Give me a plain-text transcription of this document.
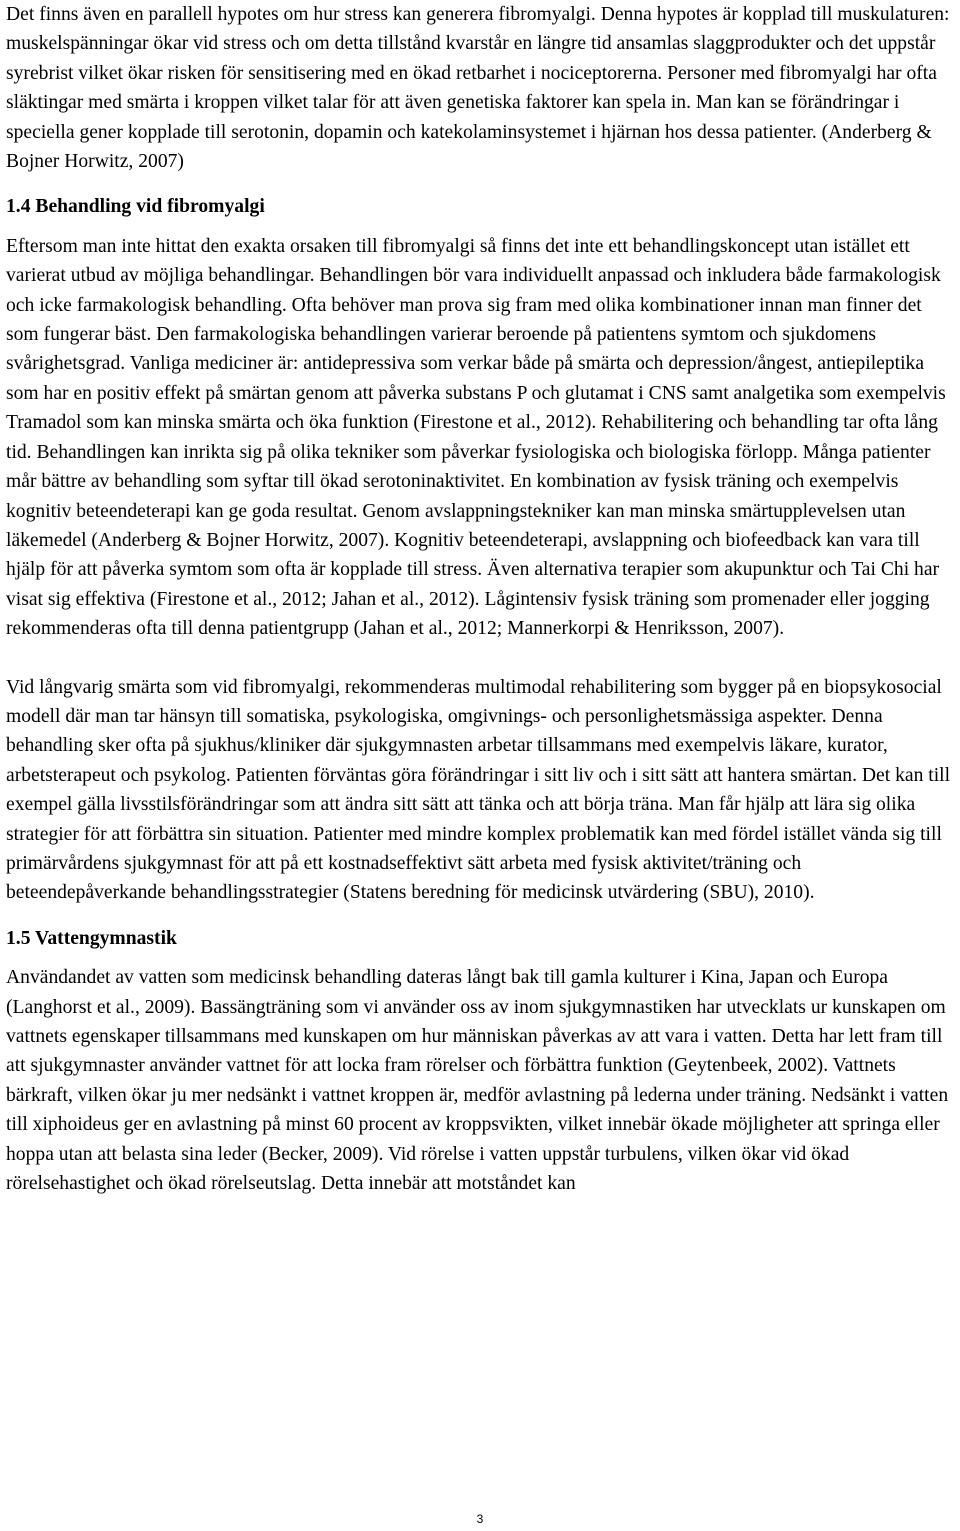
Det finns även en parallell hypotes om hur stress kan generera fibromyalgi. Denna hypotes är kopplad till muskulaturen: muskelspänningar ökar vid stress och om detta tillstånd kvarstår en längre tid ansamlas slaggprodukter och det uppstår syrebrist vilket ökar risken för sensitisering med en ökad retbarhet i nociceptorerna. Personer med fibromyalgi har ofta släktingar med smärta i kroppen vilket talar för att även genetiska faktorer kan spela in. Man kan se förändringar i speciella gener kopplade till serotonin, dopamin och katekolaminsystemet i hjärnan hos dessa patienter. (Anderberg & Bojner Horwitz, 2007)

1.4 Behandling vid fibromyalgi

Eftersom man inte hittat den exakta orsaken till fibromyalgi så finns det inte ett behandlingskoncept utan istället ett varierat utbud av möjliga behandlingar. Behandlingen bör vara individuellt anpassad och inkludera både farmakologisk och icke farmakologisk behandling. Ofta behöver man prova sig fram med olika kombinationer innan man finner det som fungerar bäst. Den farmakologiska behandlingen varierar beroende på patientens symtom och sjukdomens svårighetsgrad. Vanliga mediciner är: antidepressiva som verkar både på smärta och depression/ångest, antiepileptika som har en positiv effekt på smärtan genom att påverka substans P och glutamat i CNS samt analgetika som exempelvis Tramadol som kan minska smärta och öka funktion (Firestone et al., 2012). Rehabilitering och behandling tar ofta lång tid. Behandlingen kan inrikta sig på olika tekniker som påverkar fysiologiska och biologiska förlopp. Många patienter mår bättre av behandling som syftar till ökad serotoninaktivitet. En kombination av fysisk träning och exempelvis kognitiv beteendeterapi kan ge goda resultat. Genom avslappningstekniker kan man minska smärtupplevelsen utan läkemedel (Anderberg & Bojner Horwitz, 2007). Kognitiv beteendeterapi, avslappning och biofeedback kan vara till hjälp för att påverka symtom som ofta är kopplade till stress. Även alternativa terapier som akupunktur och Tai Chi har visat sig effektiva (Firestone et al., 2012; Jahan et al., 2012). Lågintensiv fysisk träning som promenader eller jogging rekommenderas ofta till denna patientgrupp (Jahan et al., 2012; Mannerkorpi & Henriksson, 2007).

Vid långvarig smärta som vid fibromyalgi, rekommenderas multimodal rehabilitering som bygger på en biopsykosocial modell där man tar hänsyn till somatiska, psykologiska, omgivnings- och personlighetsmässiga aspekter. Denna behandling sker ofta på sjukhus/kliniker där sjukgymnasten arbetar tillsammans med exempelvis läkare, kurator, arbetsterapeut och psykolog. Patienten förväntas göra förändringar i sitt liv och i sitt sätt att hantera smärtan. Det kan till exempel gälla livsstilsförändringar som att ändra sitt sätt att tänka och att börja träna. Man får hjälp att lära sig olika strategier för att förbättra sin situation. Patienter med mindre komplex problematik kan med fördel istället vända sig till primärvårdens sjukgymnast för att på ett kostnadseffektivt sätt arbeta med fysisk aktivitet/träning och beteendepåverkande behandlingsstrategier (Statens beredning för medicinsk utvärdering (SBU), 2010).

1.5 Vattengymnastik

Användandet av vatten som medicinsk behandling dateras långt bak till gamla kulturer i Kina, Japan och Europa (Langhorst et al., 2009). Bassängträning som vi använder oss av inom sjukgymnastiken har utvecklats ur kunskapen om vattnets egenskaper tillsammans med kunskapen om hur människan påverkas av att vara i vatten. Detta har lett fram till att sjukgymnaster använder vattnet för att locka fram rörelser och förbättra funktion (Geytenbeek, 2002). Vattnets bärkraft, vilken ökar ju mer nedsänkt i vattnet kroppen är, medför avlastning på lederna under träning. Nedsänkt i vatten till xiphoideus ger en avlastning på minst 60 procent av kroppsvikten, vilket innebär ökade möjligheter att springa eller hoppa utan att belasta sina leder (Becker, 2009). Vid rörelse i vatten uppstår turbulens, vilken ökar vid ökad rörelsehastighet och ökad rörelseutslag. Detta innebär att motståndet kan

3
